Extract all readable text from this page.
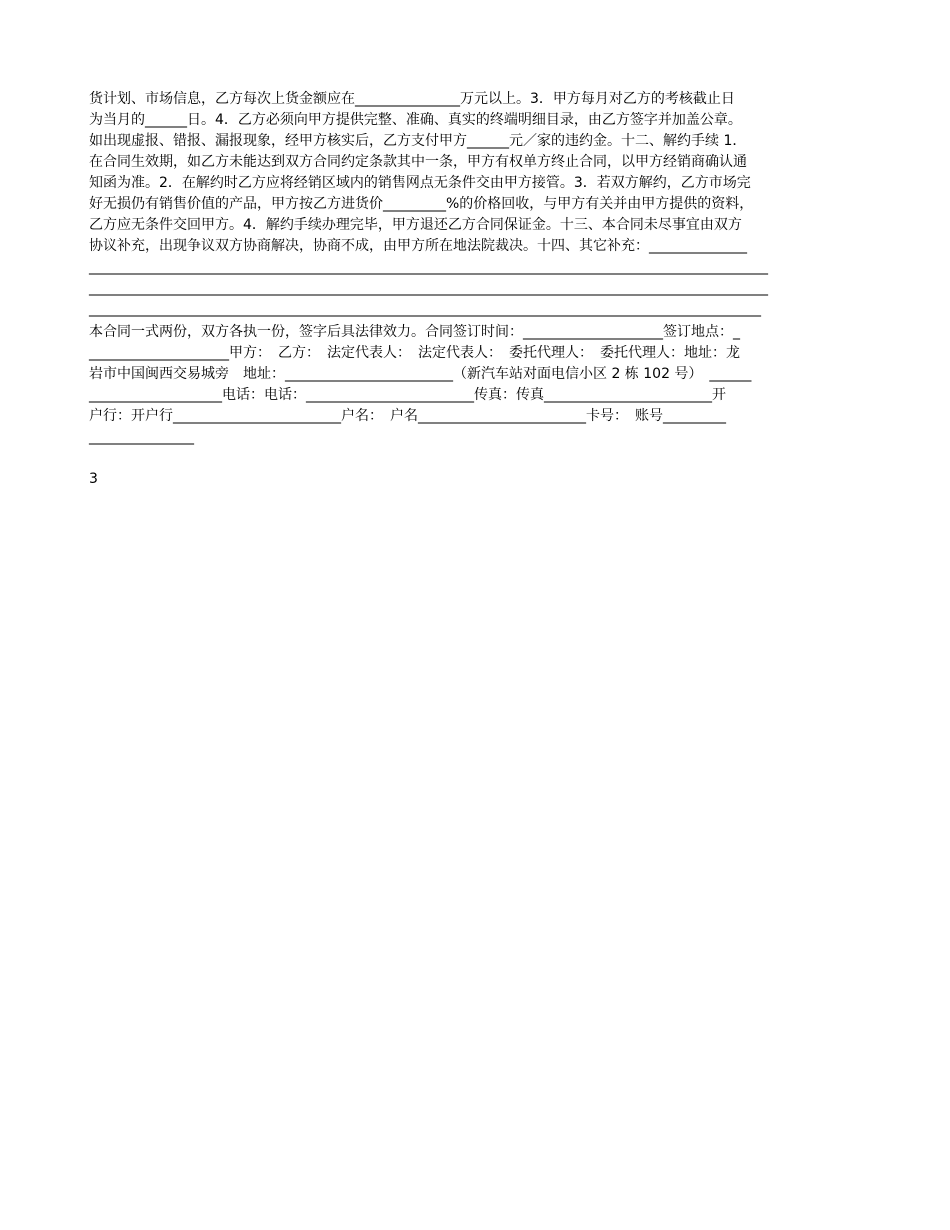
货计划、市场信息，乙方每次上货金额应在_______________万元以上。3．甲方每月对乙方的考核截止日
为当月的______日。4．乙方必须向甲方提供完整、准确、真实的终端明细目录，由乙方签字并加盖公章。
如出现虚报、错报、漏报现象，经甲方核实后，乙方支付甲方______元／家的违约金。十二、解约手续 1．
在合同生效期，如乙方未能达到双方合同约定条款其中一条，甲方有权单方终止合同，以甲方经销商确认通
知函为准。2．在解约时乙方应将经销区域内的销售网点无条件交由甲方接管。3．若双方解约，乙方市场完
好无损仍有销售价值的产品，甲方按乙方进货价_________%的价格回收，与甲方有关并由甲方提供的资料，
乙方应无条件交回甲方。4．解约手续办理完毕，甲方退还乙方合同保证金。十三、本合同未尽事宜由双方
协议补充，出现争议双方协商解决，协商不成，由甲方所在地法院裁决。十四、其它补充：______________
_________________________________________________________________________________________________
_________________________________________________________________________________________________
________________________________________________________________________________________________
本合同一式两份，双方各执一份，签字后具法律效力。合同签订时间：____________________签订地点：_
____________________甲方：　乙方：　法定代表人：　法定代表人：　委托代理人：　委托代理人：地址：龙
岩市中国闽西交易城旁　地址：________________________（新汽车站对面电信小区 2 栋 102 号）　______
___________________电话：电话：________________________传真：传真________________________开
户行：开户行________________________户名：　户名________________________卡号：　账号_________
_______________
3
